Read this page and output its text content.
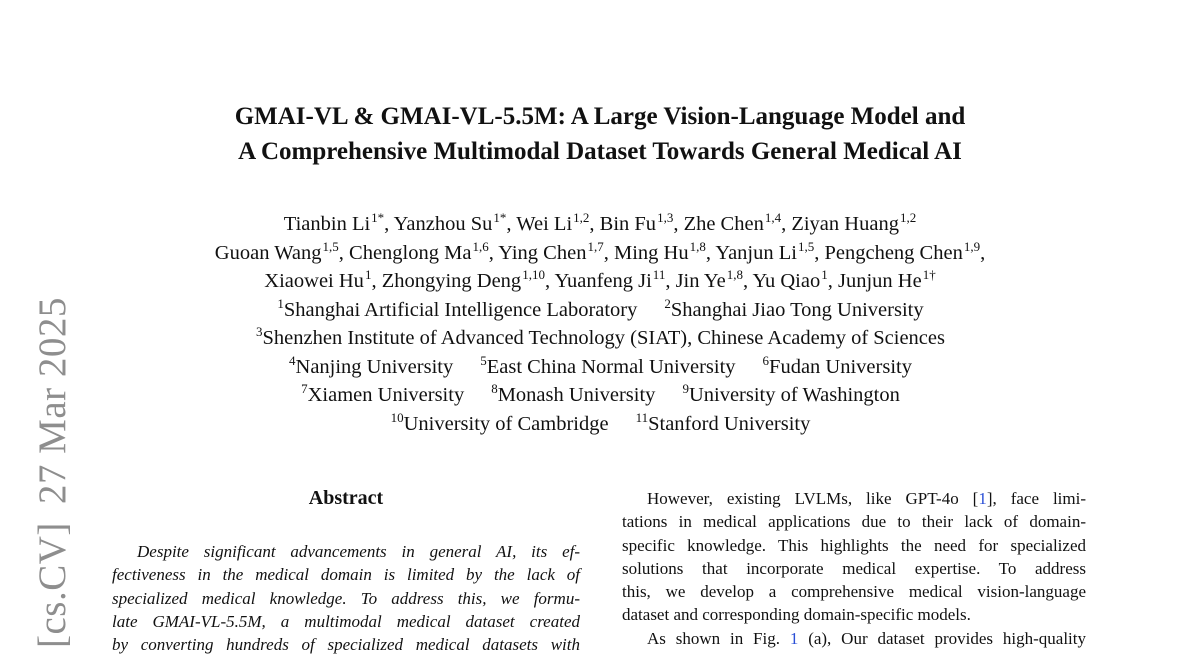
[cs.CV]27 Mar 2025
GMAI-VL & GMAI-VL-5.5M: A Large Vision-Language Model and
A Comprehensive Multimodal Dataset Towards General Medical AI
Tianbin $Li^{1*}$, Yanzhou $Su^{1*}$, Wei Li$^{1,2}$, Bin Fu$^{1,3}$, Zhe Chen$^{1,4}$, Ziyan Huang$^{1,2}$
Guoan Wang$^{1,5}$, Chenglong Ma$^{1,6}$, Ying Chen$^{1,7}$, Ming Hu$^{1,8}$, Yanjun Li$^{1,5}$, Pengcheng Chen$^{1,9}$,
Xiaowei Hu$^1$, Zhongying Deng$^{1,10}$, Yuanfeng Ji$^{11}$, Jin Ye$^{1,8}$, Yu Qiao$^1$, Junjun $He^{1\dagger}$
$^1$Shanghai Artificial Intelligence Laboratory $^2$Shanghai Jiao Tong University
$^3$Shenzhen Institute of Advanced Technology (SIAT), Chinese Academy of Sciences
$^4$Nanjing University $^5$East China Normal University $^6$Fudan University
$^7$Xiamen University $^8$Monash University $^9$University of Washington
$^{10}$University of Cambridge $^{11}$Stanford University
Abstract
Despite significant advancements in general AI, its ef-
fectiveness in the medical domain is limited by the lack of
specialized medical knowledge. To address this, we formu-
late GMAI-VL-5.5M, a multimodal medical dataset created
by converting hundreds of specialized medical datasets with
However, existing LVLMs, like GPT-4o [1], face limi-
tations in medical applications due to their lack of domain-
specific knowledge. This highlights the need for specialized
solutions that incorporate medical expertise. To address
this, we develop a comprehensive medical vision-language
dataset and corresponding domain-specific models.
As shown in Fig. 1 (a), Our dataset provides high-quality
